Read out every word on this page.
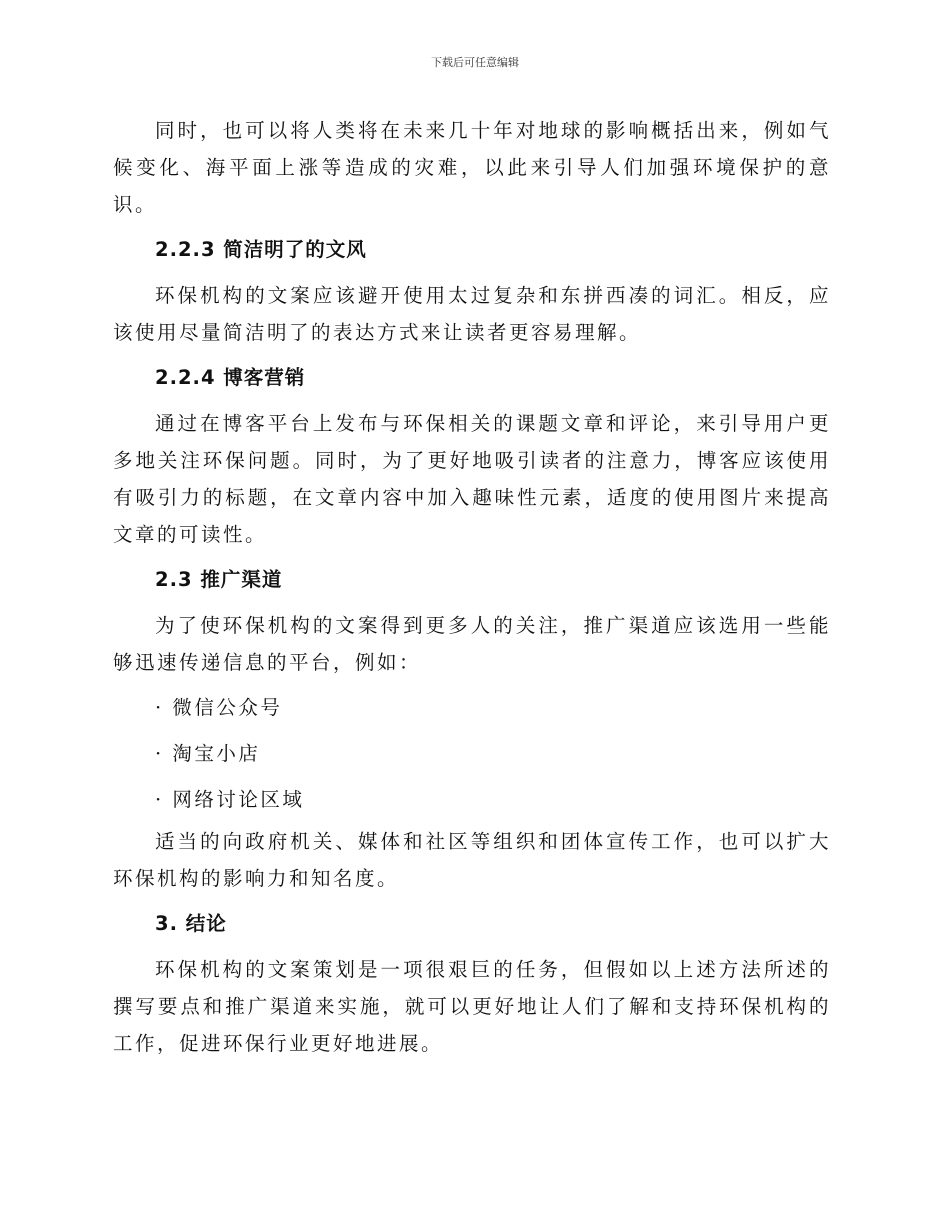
下载后可任意编辑

同时，也可以将人类将在未来几十年对地球的影响概括出来，例如气候变化、海平面上涨等造成的灾难，以此来引导人们加强环境保护的意识。

2.2.3 简洁明了的文风

环保机构的文案应该避开使用太过复杂和东拼西凑的词汇。相反，应该使用尽量简洁明了的表达方式来让读者更容易理解。

2.2.4 博客营销

通过在博客平台上发布与环保相关的课题文章和评论，来引导用户更多地关注环保问题。同时，为了更好地吸引读者的注意力，博客应该使用有吸引力的标题，在文章内容中加入趣味性元素，适度的使用图片来提高文章的可读性。

2.3 推广渠道

为了使环保机构的文案得到更多人的关注，推广渠道应该选用一些能够迅速传递信息的平台，例如：

· 微信公众号
· 淘宝小店
· 网络讨论区域

适当的向政府机关、媒体和社区等组织和团体宣传工作，也可以扩大环保机构的影响力和知名度。

3. 结论

环保机构的文案策划是一项很艰巨的任务，但假如以上述方法所述的撰写要点和推广渠道来实施，就可以更好地让人们了解和支持环保机构的工作，促进环保行业更好地进展。
